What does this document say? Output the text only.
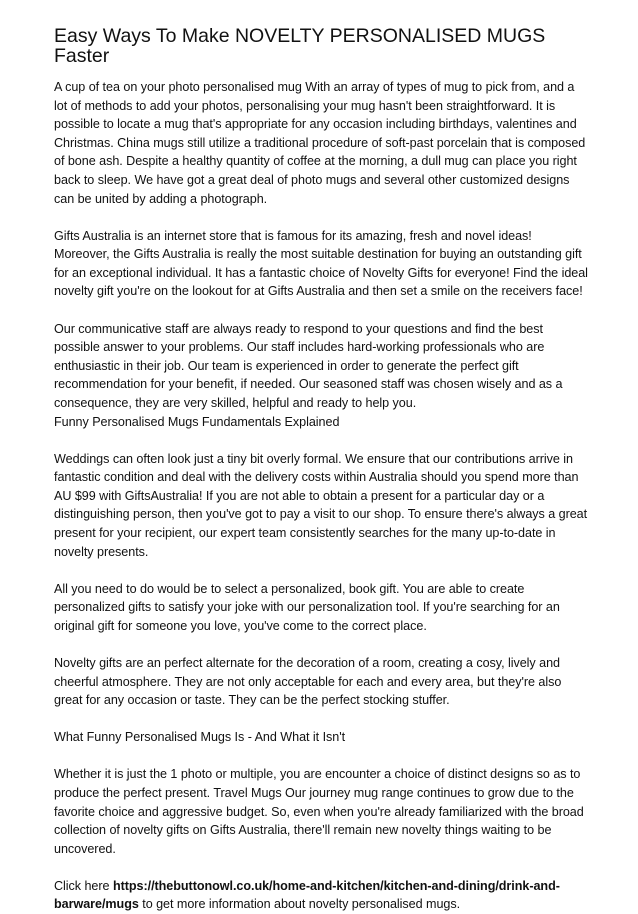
Easy Ways To Make NOVELTY PERSONALISED MUGS Faster

A cup of tea on your photo personalised mug With an array of types of mug to pick from, and a lot of methods to add your photos, personalising your mug hasn't been straightforward. It is possible to locate a mug that's appropriate for any occasion including birthdays, valentines and Christmas. China mugs still utilize a traditional procedure of soft-past porcelain that is composed of bone ash. Despite a healthy quantity of coffee at the morning, a dull mug can place you right back to sleep. We have got a great deal of photo mugs and several other customized designs can be united by adding a photograph.

Gifts Australia is an internet store that is famous for its amazing, fresh and novel ideas! Moreover, the Gifts Australia is really the most suitable destination for buying an outstanding gift for an exceptional individual. It has a fantastic choice of Novelty Gifts for everyone! Find the ideal novelty gift you're on the lookout for at Gifts Australia and then set a smile on the receivers face!

Our communicative staff are always ready to respond to your questions and find the best possible answer to your problems. Our staff includes hard-working professionals who are enthusiastic in their job. Our team is experienced in order to generate the perfect gift recommendation for your benefit, if needed. Our seasoned staff was chosen wisely and as a consequence, they are very skilled, helpful and ready to help you.

Funny Personalised Mugs Fundamentals Explained

Weddings can often look just a tiny bit overly formal. We ensure that our contributions arrive in fantastic condition and deal with the delivery costs within Australia should you spend more than AU $99 with GiftsAustralia! If you are not able to obtain a present for a particular day or a distinguishing person, then you've got to pay a visit to our shop. To ensure there's always a great present for your recipient, our expert team consistently searches for the many up-to-date in novelty presents.

All you need to do would be to select a personalized, book gift. You are able to create personalized gifts to satisfy your joke with our personalization tool. If you're searching for an original gift for someone you love, you've come to the correct place.

Novelty gifts are an perfect alternate for the decoration of a room, creating a cosy, lively and cheerful atmosphere. They are not only acceptable for each and every area, but they're also great for any occasion or taste. They can be the perfect stocking stuffer.

What Funny Personalised Mugs Is - And What it Isn't

Whether it is just the 1 photo or multiple, you are encounter a choice of distinct designs so as to produce the perfect present. Travel Mugs Our journey mug range continues to grow due to the favorite choice and aggressive budget. So, even when you're already familiarized with the broad collection of novelty gifts on Gifts Australia, there'll remain new novelty things waiting to be uncovered.

Click here https://thebuttonowl.co.uk/home-and-kitchen/kitchen-and-dining/drink-and-barware/mugs to get more information about novelty personalised mugs.
